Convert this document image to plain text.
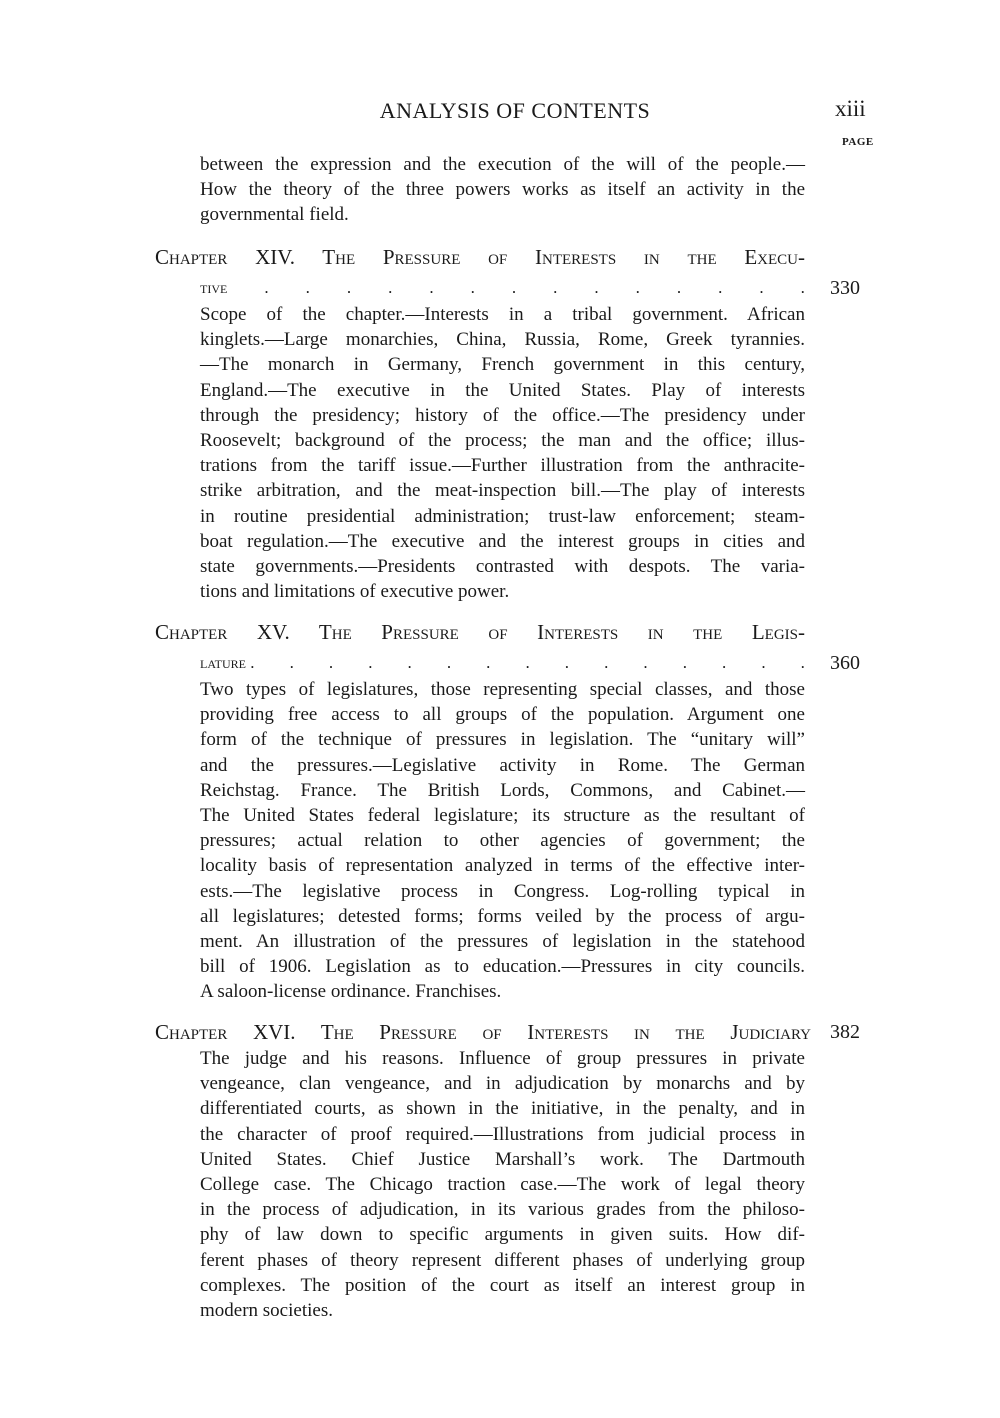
ANALYSIS OF CONTENTS	xiii
PAGE
between the expression and the execution of the will of the people.—
How the theory of the three powers works as itself an activity in the
governmental field.
Chapter XIV. The Pressure of Interests in the Execu-
tive . . . . . . . . . . . . . . 330
Scope of the chapter.—Interests in a tribal government. African
kinglets.—Large monarchies, China, Russia, Rome, Greek tyrannies.
—The monarch in Germany, French government in this century,
England.—The executive in the United States. Play of interests
through the presidency; history of the office.—The presidency under
Roosevelt; background of the process; the man and the office; illus-
trations from the tariff issue.—Further illustration from the anthracite-
strike arbitration, and the meat-inspection bill.—The play of interests
in routine presidential administration; trust-law enforcement; steam-
boat regulation.—The executive and the interest groups in cities and
state governments.—Presidents contrasted with despots. The varia-
tions and limitations of executive power.
Chapter XV. The Pressure of Interests in the Legis-
lature . . . . . . . . . . . . . . . 360
Two types of legislatures, those representing special classes, and those
providing free access to all groups of the population. Argument one
form of the technique of pressures in legislation. The “unitary will”
and the pressures.—Legislative activity in Rome. The German
Reichstag. France. The British Lords, Commons, and Cabinet.—
The United States federal legislature; its structure as the resultant of
pressures; actual relation to other agencies of government; the
locality basis of representation analyzed in terms of the effective inter-
ests.—The legislative process in Congress. Log-rolling typical in
all legislatures; detested forms; forms veiled by the process of argu-
ment. An illustration of the pressures of legislation in the statehood
bill of 1906. Legislation as to education.—Pressures in city councils.
A saloon-license ordinance. Franchises.
Chapter XVI. The Pressure of Interests in the Judiciary 382
The judge and his reasons. Influence of group pressures in private
vengeance, clan vengeance, and in adjudication by monarchs and by
differentiated courts, as shown in the initiative, in the penalty, and in
the character of proof required.—Illustrations from judicial process in
United States. Chief Justice Marshall’s work. The Dartmouth
College case. The Chicago traction case.—The work of legal theory
in the process of adjudication, in its various grades from the philoso-
phy of law down to specific arguments in given suits. How dif-
ferent phases of theory represent different phases of underlying group
complexes. The position of the court as itself an interest group in
modern societies.
